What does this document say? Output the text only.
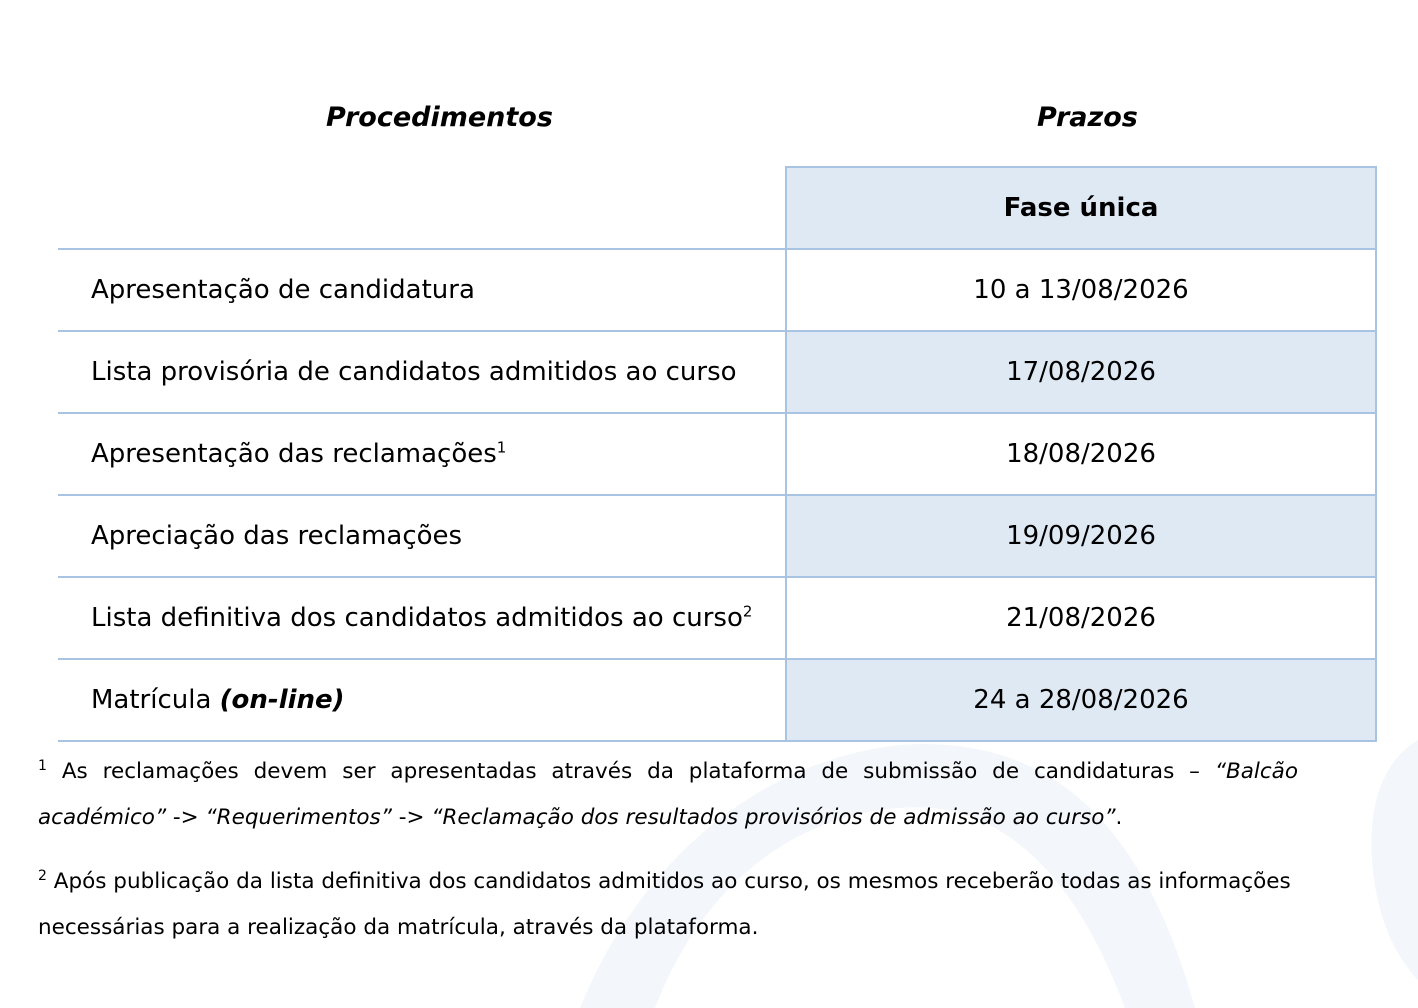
Procedimentos	Prazos
	Fase única
Apresentação de candidatura	10 a 13/08/2026
Lista provisória de candidatos admitidos ao curso	17/08/2026
Apresentação das reclamações$^1$	18/08/2026
Apreciação das reclamações	19/09/2026
Lista definitiva dos candidatos admitidos ao curso$^2$	21/08/2026
Matrícula (on-line)	24 a 28/08/2026
$^1$ As reclamações devem ser apresentadas através da plataforma de submissão de candidaturas – “Balcão académico” -> “Requerimentos” -> “Reclamação dos resultados provisórios de admissão ao curso”.
$^2$ Após publicação da lista definitiva dos candidatos admitidos ao curso, os mesmos receberão todas as informações necessárias para a realização da matrícula, através da plataforma.
